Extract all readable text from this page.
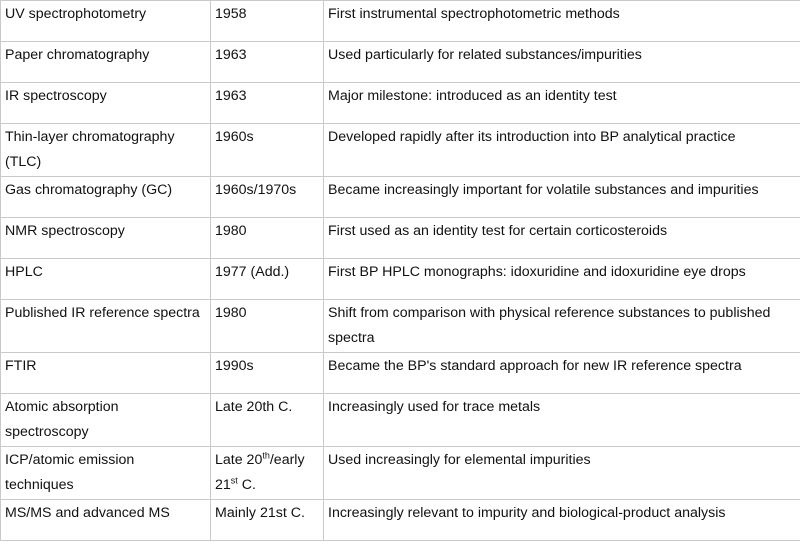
UV spectrophotometry	1958	First instrumental spectrophotometric methods
Paper chromatography	1963	Used particularly for related substances/impurities
IR spectroscopy	1963	Major milestone: introduced as an identity test
Thin-layer chromatography (TLC)	1960s	Developed rapidly after its introduction into BP analytical practice
Gas chromatography (GC)	1960s/1970s	Became increasingly important for volatile substances and impurities
NMR spectroscopy	1980	First used as an identity test for certain corticosteroids
HPLC	1977 (Add.)	First BP HPLC monographs: idoxuridine and idoxuridine eye drops
Published IR reference spectra	1980	Shift from comparison with physical reference substances to published spectra
FTIR	1990s	Became the BP's standard approach for new IR reference spectra
Atomic absorption spectroscopy	Late 20th C.	Increasingly used for trace metals
ICP/atomic emission techniques	Late 20th/early 21st C.	Used increasingly for elemental impurities
MS/MS and advanced MS	Mainly 21st C.	Increasingly relevant to impurity and biological-product analysis
